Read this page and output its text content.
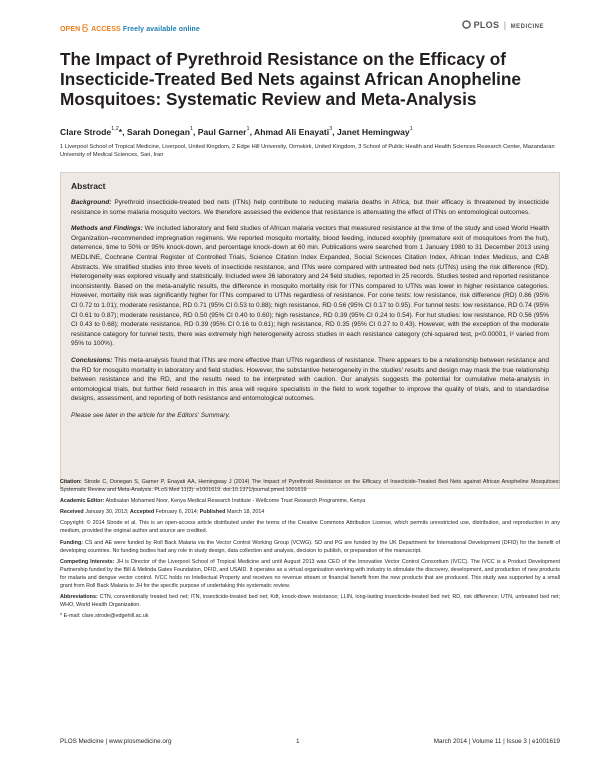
OPEN ACCESS Freely available online	PLOS | MEDICINE
The Impact of Pyrethroid Resistance on the Efficacy of Insecticide-Treated Bed Nets against African Anopheline Mosquitoes: Systematic Review and Meta-Analysis
Clare Strode$^{1,2}$*, Sarah Donegan$^1$, Paul Garner$^1$, Ahmad Ali Enayati$^3$, Janet Hemingway$^1$
1 Liverpool School of Tropical Medicine, Liverpool, United Kingdom, 2 Edge Hill University, Ormskirk, United Kingdom, 3 School of Public Health and Health Sciences Research Center, Mazandaran University of Medical Sciences, Sari, Iran
Abstract

Background: Pyrethroid insecticide-treated bed nets (ITNs) help contribute to reducing malaria deaths in Africa, but their efficacy is threatened by insecticide resistance in some malaria mosquito vectors. We therefore assessed the evidence that resistance is attenuating the effect of ITNs on entomological outcomes.

Methods and Findings: We included laboratory and field studies of African malaria vectors that measured resistance at the time of the study and used World Health Organization–recommended impregnation regimens. We reported mosquito mortality, blood feeding, induced exophily (premature exit of mosquitoes from the hut), deterrence, time to 50% or 95% knock-down, and percentage knock-down at 60 min. Publications were searched from 1 January 1980 to 31 December 2013 using MEDLINE, Cochrane Central Register of Controlled Trials, Science Citation Index Expanded, Social Sciences Citation Index, African Index Medicus, and CAB Abstracts. We stratified studies into three levels of insecticide resistance, and ITNs were compared with untreated bed nets (UTNs) using the risk difference (RD). Heterogeneity was explored visually and statistically. Included were 36 laboratory and 24 field studies, reported in 25 records. Studies tested and reported resistance inconsistently. Based on the meta-analytic results, the difference in mosquito mortality risk for ITNs compared to UTNs was lower in higher resistance categories. However, mortality risk was significantly higher for ITNs compared to UTNs regardless of resistance. For cone tests: low resistance, risk difference (RD) 0.86 (95% CI 0.72 to 1.01); moderate resistance, RD 0.71 (95% CI 0.53 to 0.88); high resistance, RD 0.56 (95% CI 0.17 to 0.95). For tunnel tests: low resistance, RD 0.74 (95% CI 0.61 to 0.87); moderate resistance, RD 0.50 (95% CI 0.40 to 0.60); high resistance, RD 0.39 (95% CI 0.24 to 0.54). For hut studies: low resistance, RD 0.56 (95% CI 0.43 to 0.68); moderate resistance, RD 0.39 (95% CI 0.16 to 0.61); high resistance, RD 0.35 (95% CI 0.27 to 0.43). However, with the exception of the moderate resistance category for tunnel tests, there was extremely high heterogeneity across studies in each resistance category (chi-squared test, p<0.00001, I² varied from 95% to 100%).

Conclusions: This meta-analysis found that ITNs are more effective than UTNs regardless of resistance. There appears to be a relationship between resistance and the RD for mosquito mortality in laboratory and field studies. However, the substantive heterogeneity in the studies' results and design may mask the true relationship between resistance and the RD, and the results need to be interpreted with caution. Our analysis suggests the potential for cumulative meta-analysis in entomological trials, but further field research in this area will require specialists in the field to work together to improve the quality of trials, and to standardise designs, assessment, and reporting of both resistance and entomological outcomes.

Please see later in the article for the Editors' Summary.

Citation: Strode C, Donegan S, Garner P, Enayati AA, Hemingway J (2014) The Impact of Pyrethroid Resistance on the Efficacy of Insecticide-Treated Bed Nets against African Anopheline Mosquitoes: Systematic Review and Meta-Analysis. PLoS Med 11(3): e1001619. doi:10.1371/journal.pmed.1001619

Academic Editor: Abdisalan Mohamed Noor, Kenya Medical Research Institute - Wellcome Trust Research Programme, Kenya

Received January 30, 2013; Accepted February 6, 2014; Published March 18, 2014

Copyright: © 2014 Strode et al. This is an open-access article distributed under the terms of the Creative Commons Attribution License, which permits unrestricted use, distribution, and reproduction in any medium, provided the original author and source are credited.

Funding: CS and AE were funded by Roll Back Malaria via the Vector Control Working Group (VCWG). SD and PG are funded by the UK Department for International Development (DFID) for the benefit of developing countries. No funding bodies had any role in study design, data collection and analysis, decision to publish, or preparation of the manuscript.

Competing Interests: JH is Director of the Liverpool School of Tropical Medicine and until August 2013 was CEO of the Innovative Vector Control Consortium (IVCC). The IVCC is a Product Development Partnership funded by the Bill & Melinda Gates Foundation, DFID, and USAID. It operates as a virtual organisation working with industry to stimulate the discovery, development, and production of new products for malaria and dengue vector control. IVCC holds no Intellectual Property and receives no revenue stream or financial benefit from the new products that are produced. This study was supported by a small grant from Roll Back Malaria to JH for the specific purpose of undertaking this systematic review.

Abbreviations: CTN, conventionally treated bed net; ITN, insecticide-treated bed net; Kdt, knock-down resistance; LLIN, long-lasting insecticide-treated bed net; RD, risk difference; UTN, untreated bed net; WHO, World Health Organization.

* E-mail: clare.strode@edgehill.ac.uk

PLOS Medicine | www.plosmedicine.org	1	March 2014 | Volume 11 | Issue 3 | e1001619
